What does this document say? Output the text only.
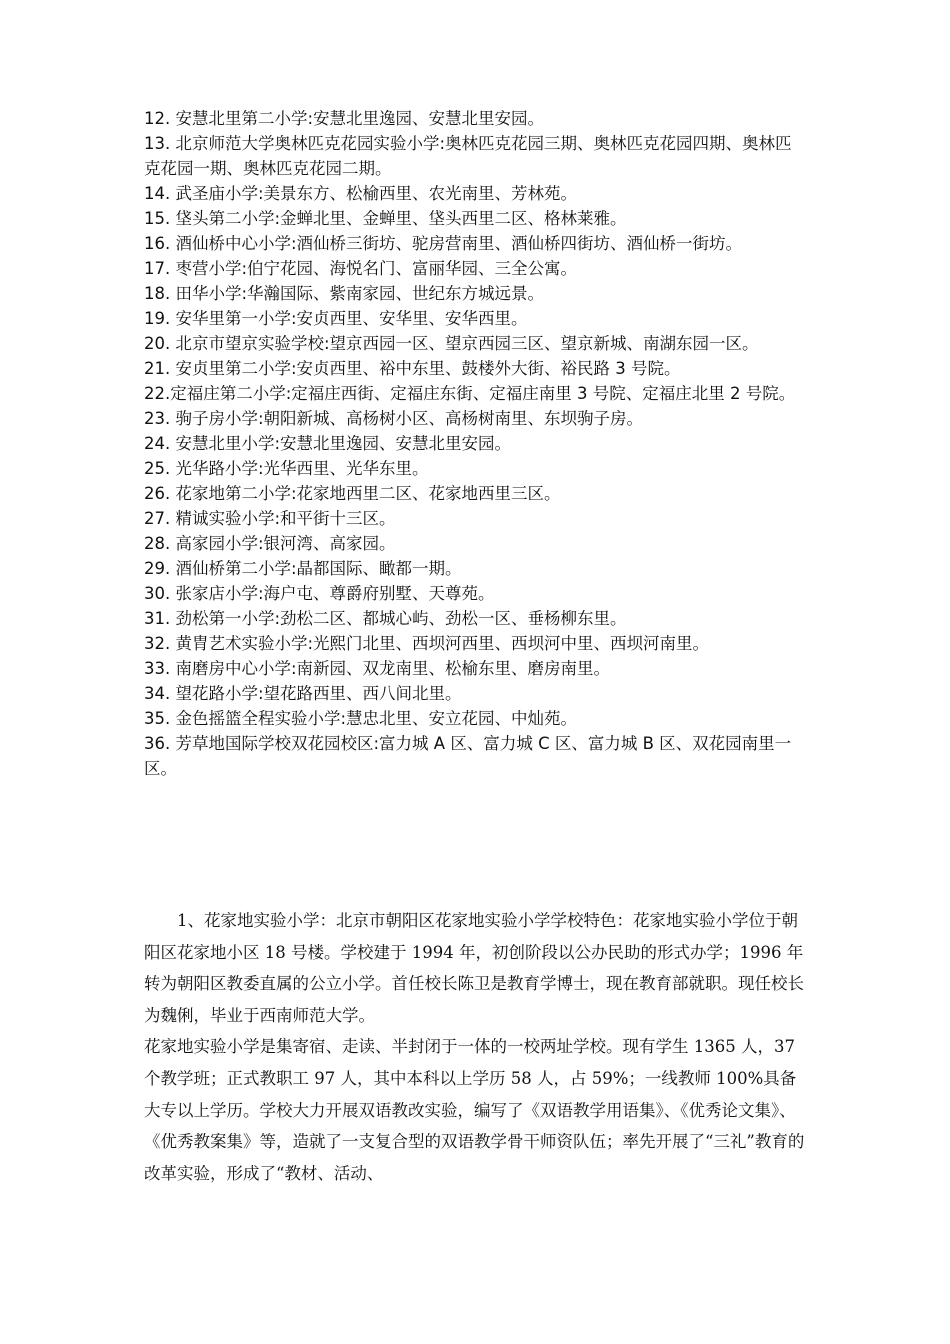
12. 安慧北里第二小学:安慧北里逸园、安慧北里安园。

13. 北京师范大学奥林匹克花园实验小学:奥林匹克花园三期、奥林匹克花园四期、奥林匹克花园一期、奥林匹克花园二期。

14. 武圣庙小学:美景东方、松榆西里、农光南里、芳林苑。

15. 垡头第二小学:金蝉北里、金蝉里、垡头西里二区、格林莱雅。

16. 酒仙桥中心小学:酒仙桥三街坊、驼房营南里、酒仙桥四街坊、酒仙桥一街坊。

17. 枣营小学:伯宁花园、海悦名门、富丽华园、三全公寓。

18. 田华小学:华瀚国际、紫南家园、世纪东方城远景。

19. 安华里第一小学:安贞西里、安华里、安华西里。

20. 北京市望京实验学校:望京西园一区、望京西园三区、望京新城、南湖东园一区。

21. 安贞里第二小学:安贞西里、裕中东里、鼓楼外大街、裕民路 3 号院。

22.定福庄第二小学:定福庄西街、定福庄东街、定福庄南里 3 号院、定福庄北里 2 号院。

23. 驹子房小学:朝阳新城、高杨树小区、高杨树南里、东坝驹子房。

24. 安慧北里小学:安慧北里逸园、安慧北里安园。

25. 光华路小学:光华西里、光华东里。

26. 花家地第二小学:花家地西里二区、花家地西里三区。

27. 精诚实验小学:和平街十三区。

28. 高家园小学:银河湾、高家园。

29. 酒仙桥第二小学:晶都国际、瞰都一期。

30. 张家店小学:海户屯、尊爵府别墅、天尊苑。

31. 劲松第一小学:劲松二区、都城心屿、劲松一区、垂杨柳东里。

32. 黄胄艺术实验小学:光熙门北里、西坝河西里、西坝河中里、西坝河南里。

33. 南磨房中心小学:南新园、双龙南里、松榆东里、磨房南里。

34. 望花路小学:望花路西里、西八间北里。

35. 金色摇篮全程实验小学:慧忠北里、安立花园、中灿苑。

36. 芳草地国际学校双花园校区:富力城 A 区、富力城 C 区、富力城 B 区、双花园南里一区。

1、花家地实验小学：北京市朝阳区花家地实验小学学校特色：花家地实验小学位于朝阳区花家地小区 18 号楼。学校建于 1994 年，初创阶段以公办民助的形式办学；1996 年转为朝阳区教委直属的公立小学。首任校长陈卫是教育学博士，现在教育部就职。现任校长为魏俐，毕业于西南师范大学。

花家地实验小学是集寄宿、走读、半封闭于一体的一校两址学校。现有学生 1365 人，37 个教学班；正式教职工 97 人，其中本科以上学历 58 人，占 59%；一线教师 100%具备大专以上学历。学校大力开展双语教改实验，编写了《双语教学用语集》、《优秀论文集》、《优秀教案集》等，造就了一支复合型的双语教学骨干师资队伍；率先开展了“三礼”教育的改革实验，形成了“教材、活动、
